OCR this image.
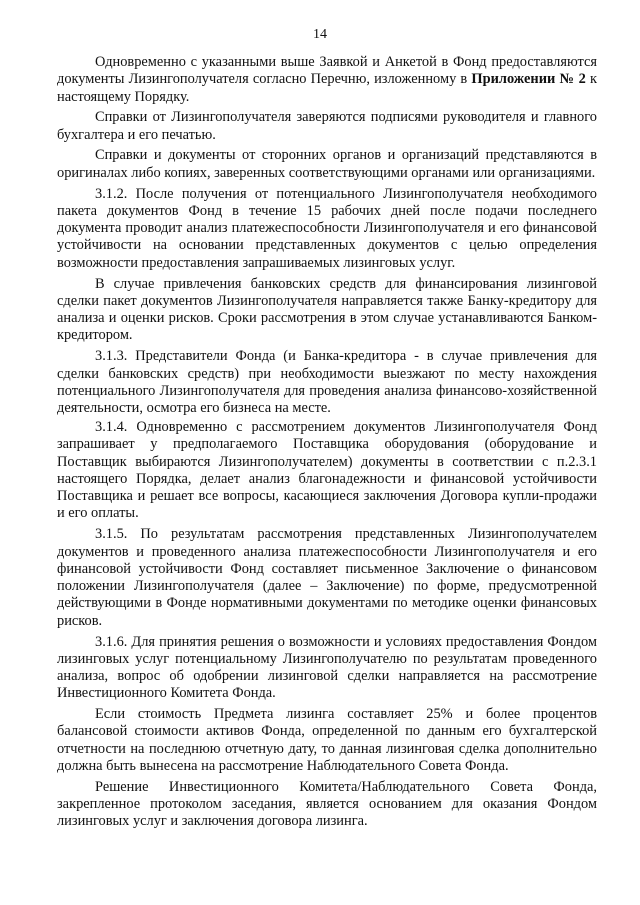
14

Одновременно с указанными выше Заявкой и Анкетой в Фонд предоставляются документы Лизингополучателя согласно Перечню, изложенному в Приложении № 2 к настоящему Порядку.

Справки от Лизингополучателя заверяются подписями руководителя и главного бухгалтера и его печатью.

Справки и документы от сторонних органов и организаций представляются в оригиналах либо копиях, заверенных соответствующими органами или организациями.

3.1.2. После получения от потенциального Лизингополучателя необходимого пакета документов Фонд в течение 15 рабочих дней после подачи последнего документа проводит анализ платежеспособности Лизингополучателя и его финансовой устойчивости на основании представленных документов с целью определения возможности предоставления запрашиваемых лизинговых услуг.

В случае привлечения банковских средств для финансирования лизинговой сделки пакет документов Лизингополучателя направляется также Банку-кредитору для анализа и оценки рисков. Сроки рассмотрения в этом случае устанавливаются Банком-кредитором.

3.1.3. Представители Фонда (и Банка-кредитора - в случае привлечения для сделки банковских средств) при необходимости выезжают по месту нахождения потенциального Лизингополучателя для проведения анализа финансово-хозяйственной деятельности, осмотра его бизнеса на месте.

3.1.4. Одновременно с рассмотрением документов Лизингополучателя Фонд запрашивает у предполагаемого Поставщика оборудования (оборудование и Поставщик выбираются Лизингополучателем) документы в соответствии с п.2.3.1 настоящего Порядка, делает анализ благонадежности и финансовой устойчивости Поставщика и решает все вопросы, касающиеся заключения Договора купли-продажи и его оплаты.

3.1.5. По результатам рассмотрения представленных Лизингополучателем документов и проведенного анализа платежеспособности Лизингополучателя и его финансовой устойчивости Фонд составляет письменное Заключение о финансовом положении Лизингополучателя (далее – Заключение) по форме, предусмотренной действующими в Фонде нормативными документами по методике оценки финансовых рисков.

3.1.6. Для принятия решения о возможности и условиях предоставления Фондом лизинговых услуг потенциальному Лизингополучателю по результатам проведенного анализа, вопрос об одобрении лизинговой сделки направляется на рассмотрение Инвестиционного Комитета Фонда.

Если стоимость Предмета лизинга составляет 25% и более процентов балансовой стоимости активов Фонда, определенной по данным его бухгалтерской отчетности на последнюю отчетную дату, то данная лизинговая сделка дополнительно должна быть вынесена на рассмотрение Наблюдательного Совета Фонда.

Решение Инвестиционного Комитета/Наблюдательного Совета Фонда, закрепленное протоколом заседания, является основанием для оказания Фондом лизинговых услуг и заключения договора лизинга.
